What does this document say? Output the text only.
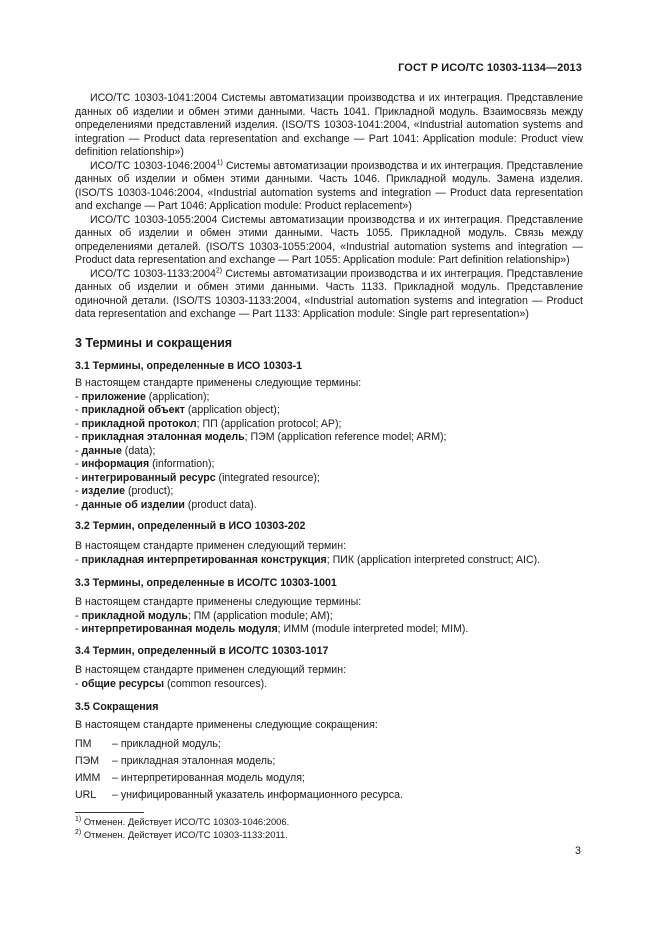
ГОСТ Р ИСО/ТС 10303-1134—2013

ИСО/ТС 10303-1041:2004 Системы автоматизации производства и их интеграция. Представление данных об изделии и обмен этими данными. Часть 1041. Прикладной модуль. Взаимосвязь между определениями представлений изделия. (ISO/TS 10303-1041:2004, «Industrial automation systems and integration — Product data representation and exchange — Part 1041: Application module: Product view definition relationship»)

ИСО/ТС 10303-1046:2004$^{1)}$ Системы автоматизации производства и их интеграция. Представление данных об изделии и обмен этими данными. Часть 1046. Прикладной модуль. Замена изделия. (ISO/TS 10303-1046:2004, «Industrial automation systems and integration — Product data representation and exchange — Part 1046: Application module: Product replacement»)

ИСО/ТС 10303-1055:2004 Системы автоматизации производства и их интеграция. Представление данных об изделии и обмен этими данными. Часть 1055. Прикладной модуль. Связь между определениями деталей. (ISO/TS 10303-1055:2004, «Industrial automation systems and integration — Product data representation and exchange — Part 1055: Application module: Part definition relationship»)

ИСО/ТС 10303-1133:2004$^{2)}$ Системы автоматизации производства и их интеграция. Представление данных об изделии и обмен этими данными. Часть 1133. Прикладной модуль. Представление одиночной детали. (ISO/TS 10303-1133:2004, «Industrial automation systems and integration — Product data representation and exchange — Part 1133: Application module: Single part representation»)

3 Термины и сокращения
3.1 Термины, определенные в ИСО 10303-1
В настоящем стандарте применены следующие термины:
- приложение (application);
- прикладной объект (application object);
- прикладной протокол; ПП (application protocol; AP);
- прикладная эталонная модель; ПЭМ (application reference model; ARM);
- данные (data);
- информация (information);
- интегрированный ресурс (integrated resource);
- изделие (product);
- данные об изделии (product data).
3.2 Термин, определенный в ИСО 10303-202
В настоящем стандарте применен следующий термин:
- прикладная интерпретированная конструкция; ПИК (application interpreted construct; AIC).
3.3 Термины, определенные в ИСО/ТС 10303-1001
В настоящем стандарте применены следующие термины:
- прикладной модуль; ПМ (application module; AM);
- интерпретированная модель модуля; ИММ (module interpreted model; MIM).
3.4 Термин, определенный в ИСО/ТС 10303-1017
В настоящем стандарте применен следующий термин:
- общие ресурсы (common resources).
3.5 Сокращения
В настоящем стандарте применены следующие сокращения:
ПМ – прикладной модуль;
ПЭМ – прикладная эталонная модель;
ИММ – интерпретированная модель модуля;
URL – унифицированный указатель информационного ресурса.
$^{1)}$ Отменен. Действует ИСО/ТС 10303-1046:2006.
$^{2)}$ Отменен. Действует ИСО/ТС 10303-1133:2011.
3
